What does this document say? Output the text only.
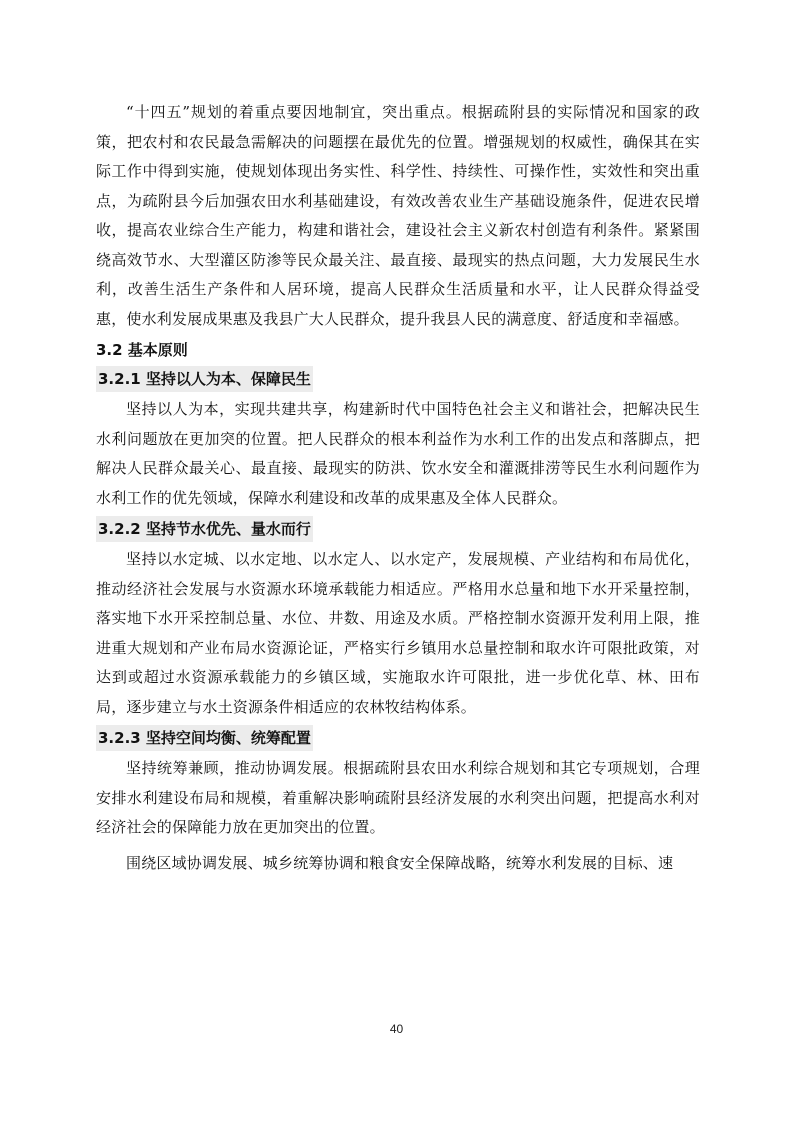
“十四五”规划的着重点要因地制宜，突出重点。根据疏附县的实际情况和国家的政策，把农村和农民最急需解决的问题摆在最优先的位置。增强规划的权威性，确保其在实际工作中得到实施，使规划体现出务实性、科学性、持续性、可操作性，实效性和突出重点，为疏附县今后加强农田水利基础建设，有效改善农业生产基础设施条件，促进农民增收，提高农业综合生产能力，构建和谐社会，建设社会主义新农村创造有利条件。紧紧围绕高效节水、大型灌区防渗等民众最关注、最直接、最现实的热点问题，大力发展民生水利，改善生活生产条件和人居环境，提高人民群众生活质量和水平，让人民群众得益受惠，使水利发展成果惠及我县广大人民群众，提升我县人民的满意度、舒适度和幸福感。

3.2 基本原则
3.2.1 坚持以人为本、保障民生

坚持以人为本，实现共建共享，构建新时代中国特色社会主义和谐社会，把解决民生水利问题放在更加突的位置。把人民群众的根本利益作为水利工作的出发点和落脚点，把解决人民群众最关心、最直接、最现实的防洪、饮水安全和灌溉排涝等民生水利问题作为水利工作的优先领域，保障水利建设和改革的成果惠及全体人民群众。

3.2.2 坚持节水优先、量水而行

坚持以水定城、以水定地、以水定人、以水定产，发展规模、产业结构和布局优化，推动经济社会发展与水资源水环境承载能力相适应。严格用水总量和地下水开采量控制，落实地下水开采控制总量、水位、井数、用途及水质。严格控制水资源开发利用上限，推进重大规划和产业布局水资源论证，严格实行乡镇用水总量控制和取水许可限批政策，对达到或超过水资源承载能力的乡镇区域，实施取水许可限批，进一步优化草、林、田布局，逐步建立与水土资源条件相适应的农林牧结构体系。

3.2.3 坚持空间均衡、统筹配置

坚持统筹兼顾，推动协调发展。根据疏附县农田水利综合规划和其它专项规划，合理安排水利建设布局和规模，着重解决影响疏附县经济发展的水利突出问题，把提高水利对经济社会的保障能力放在更加突出的位置。

围绕区域协调发展、城乡统筹协调和粮食安全保障战略，统筹水利发展的目标、速

40
